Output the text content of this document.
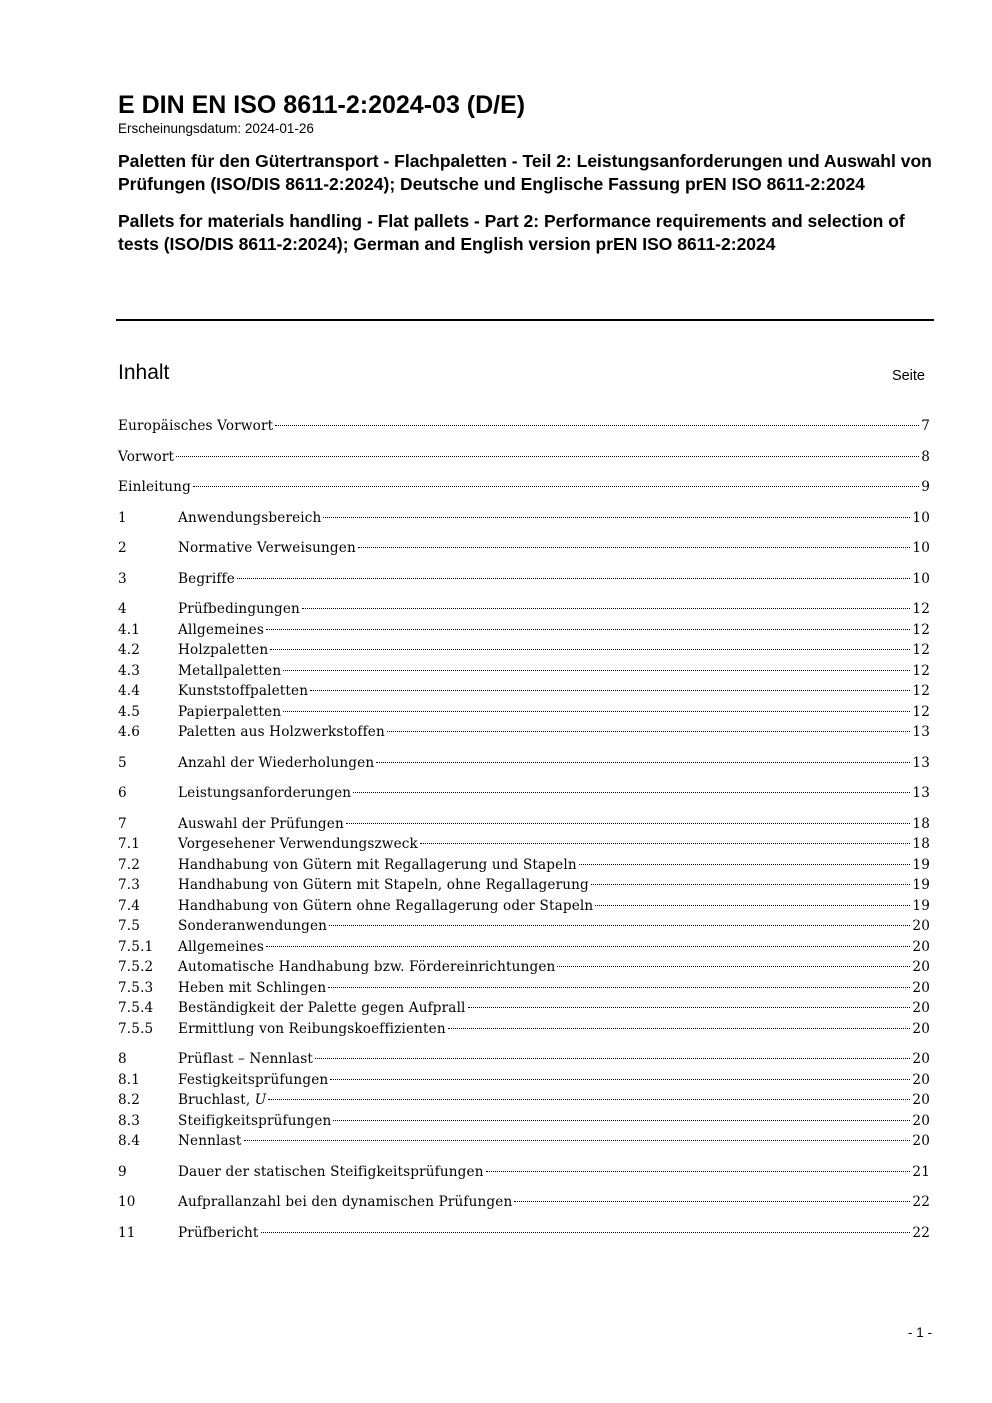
E DIN EN ISO 8611-2:2024-03 (D/E)

Erscheinungsdatum: 2024-01-26

Paletten für den Gütertransport - Flachpaletten - Teil 2: Leistungsanforderungen und Auswahl von Prüfungen (ISO/DIS 8611-2:2024); Deutsche und Englische Fassung prEN ISO 8611-2:2024

Pallets for materials handling - Flat pallets - Part 2: Performance requirements and selection of tests (ISO/DIS 8611-2:2024); German and English version prEN ISO 8611-2:2024

Inhalt	Seite
Europäisches Vorwort	7
Vorwort	8
Einleitung	9
1	Anwendungsbereich	10
2	Normative Verweisungen	10
3	Begriffe	10
4	Prüfbedingungen	12
4.1	Allgemeines	12
4.2	Holzpaletten	12
4.3	Metallpaletten	12
4.4	Kunststoffpaletten	12
4.5	Papierpaletten	12
4.6	Paletten aus Holzwerkstoffen	13
5	Anzahl der Wiederholungen	13
6	Leistungsanforderungen	13
7	Auswahl der Prüfungen	18
7.1	Vorgesehener Verwendungszweck	18
7.2	Handhabung von Gütern mit Regallagerung und Stapeln	19
7.3	Handhabung von Gütern mit Stapeln, ohne Regallagerung	19
7.4	Handhabung von Gütern ohne Regallagerung oder Stapeln	19
7.5	Sonderanwendungen	20
7.5.1	Allgemeines	20
7.5.2	Automatische Handhabung bzw. Fördereinrichtungen	20
7.5.3	Heben mit Schlingen	20
7.5.4	Beständigkeit der Palette gegen Aufprall	20
7.5.5	Ermittlung von Reibungskoeffizienten	20
8	Prüflast – Nennlast	20
8.1	Festigkeitsprüfungen	20
8.2	Bruchlast, U	20
8.3	Steifigkeitsprüfungen	20
8.4	Nennlast	20
9	Dauer der statischen Steifigkeitsprüfungen	21
10	Aufprallanzahl bei den dynamischen Prüfungen	22
11	Prüfbericht	22
- 1 -
